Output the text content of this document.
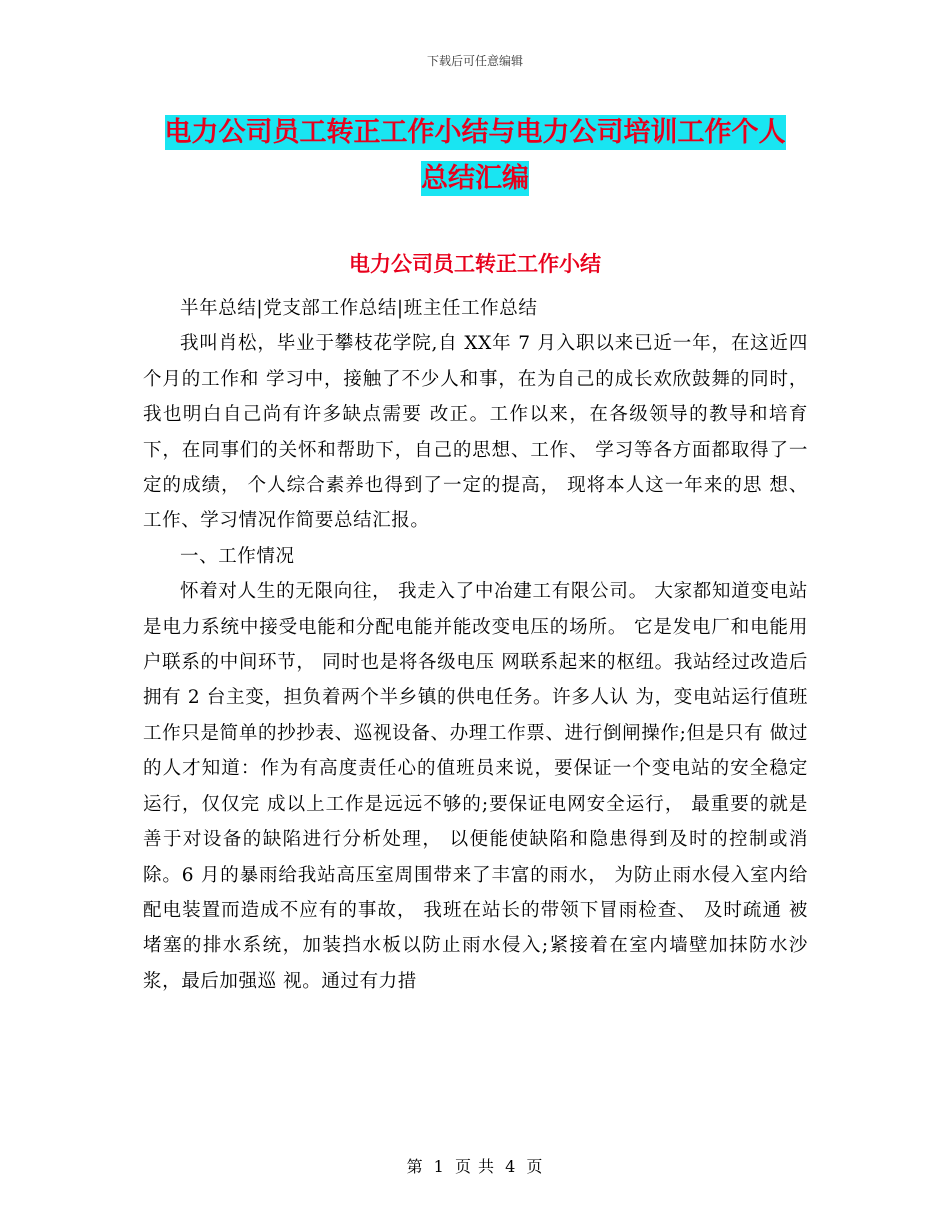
下载后可任意编辑
电力公司员工转正工作小结与电力公司培训工作个人
总结汇编
电力公司员工转正工作小结

半年总结|党支部工作总结|班主任工作总结

我叫肖松，毕业于攀枝花学院,自 XX年 7 月入职以来已近一年，在这近四个月的工作和 学习中，接触了不少人和事，在为自己的成长欢欣鼓舞的同时，我也明白自己尚有许多缺点需要 改正。工作以来，在各级领导的教导和培育下，在同事们的关怀和帮助下，自己的思想、工作、 学习等各方面都取得了一定的成绩， 个人综合素养也得到了一定的提高， 现将本人这一年来的思 想、工作、学习情况作简要总结汇报。

一、工作情况

怀着对人生的无限向往， 我走入了中冶建工有限公司。 大家都知道变电站是电力系统中接受电能和分配电能并能改变电压的场所。 它是发电厂和电能用户联系的中间环节， 同时也是将各级电压 网联系起来的枢纽。我站经过改造后拥有 2 台主变，担负着两个半乡镇的供电任务。许多人认 为，变电站运行值班工作只是简单的抄抄表、巡视设备、办理工作票、进行倒闸操作;但是只有 做过的人才知道：作为有高度责任心的值班员来说，要保证一个变电站的安全稳定运行，仅仅完 成以上工作是远远不够的;要保证电网安全运行， 最重要的就是善于对设备的缺陷进行分析处理， 以便能使缺陷和隐患得到及时的控制或消除。6 月的暴雨给我站高压室周围带来了丰富的雨水， 为防止雨水侵入室内给配电装置而造成不应有的事故， 我班在站长的带领下冒雨检查、 及时疏通 被堵塞的排水系统，加装挡水板以防止雨水侵入;紧接着在室内墙壁加抹防水沙浆，最后加强巡 视。通过有力措

第 1 页 共 4 页
